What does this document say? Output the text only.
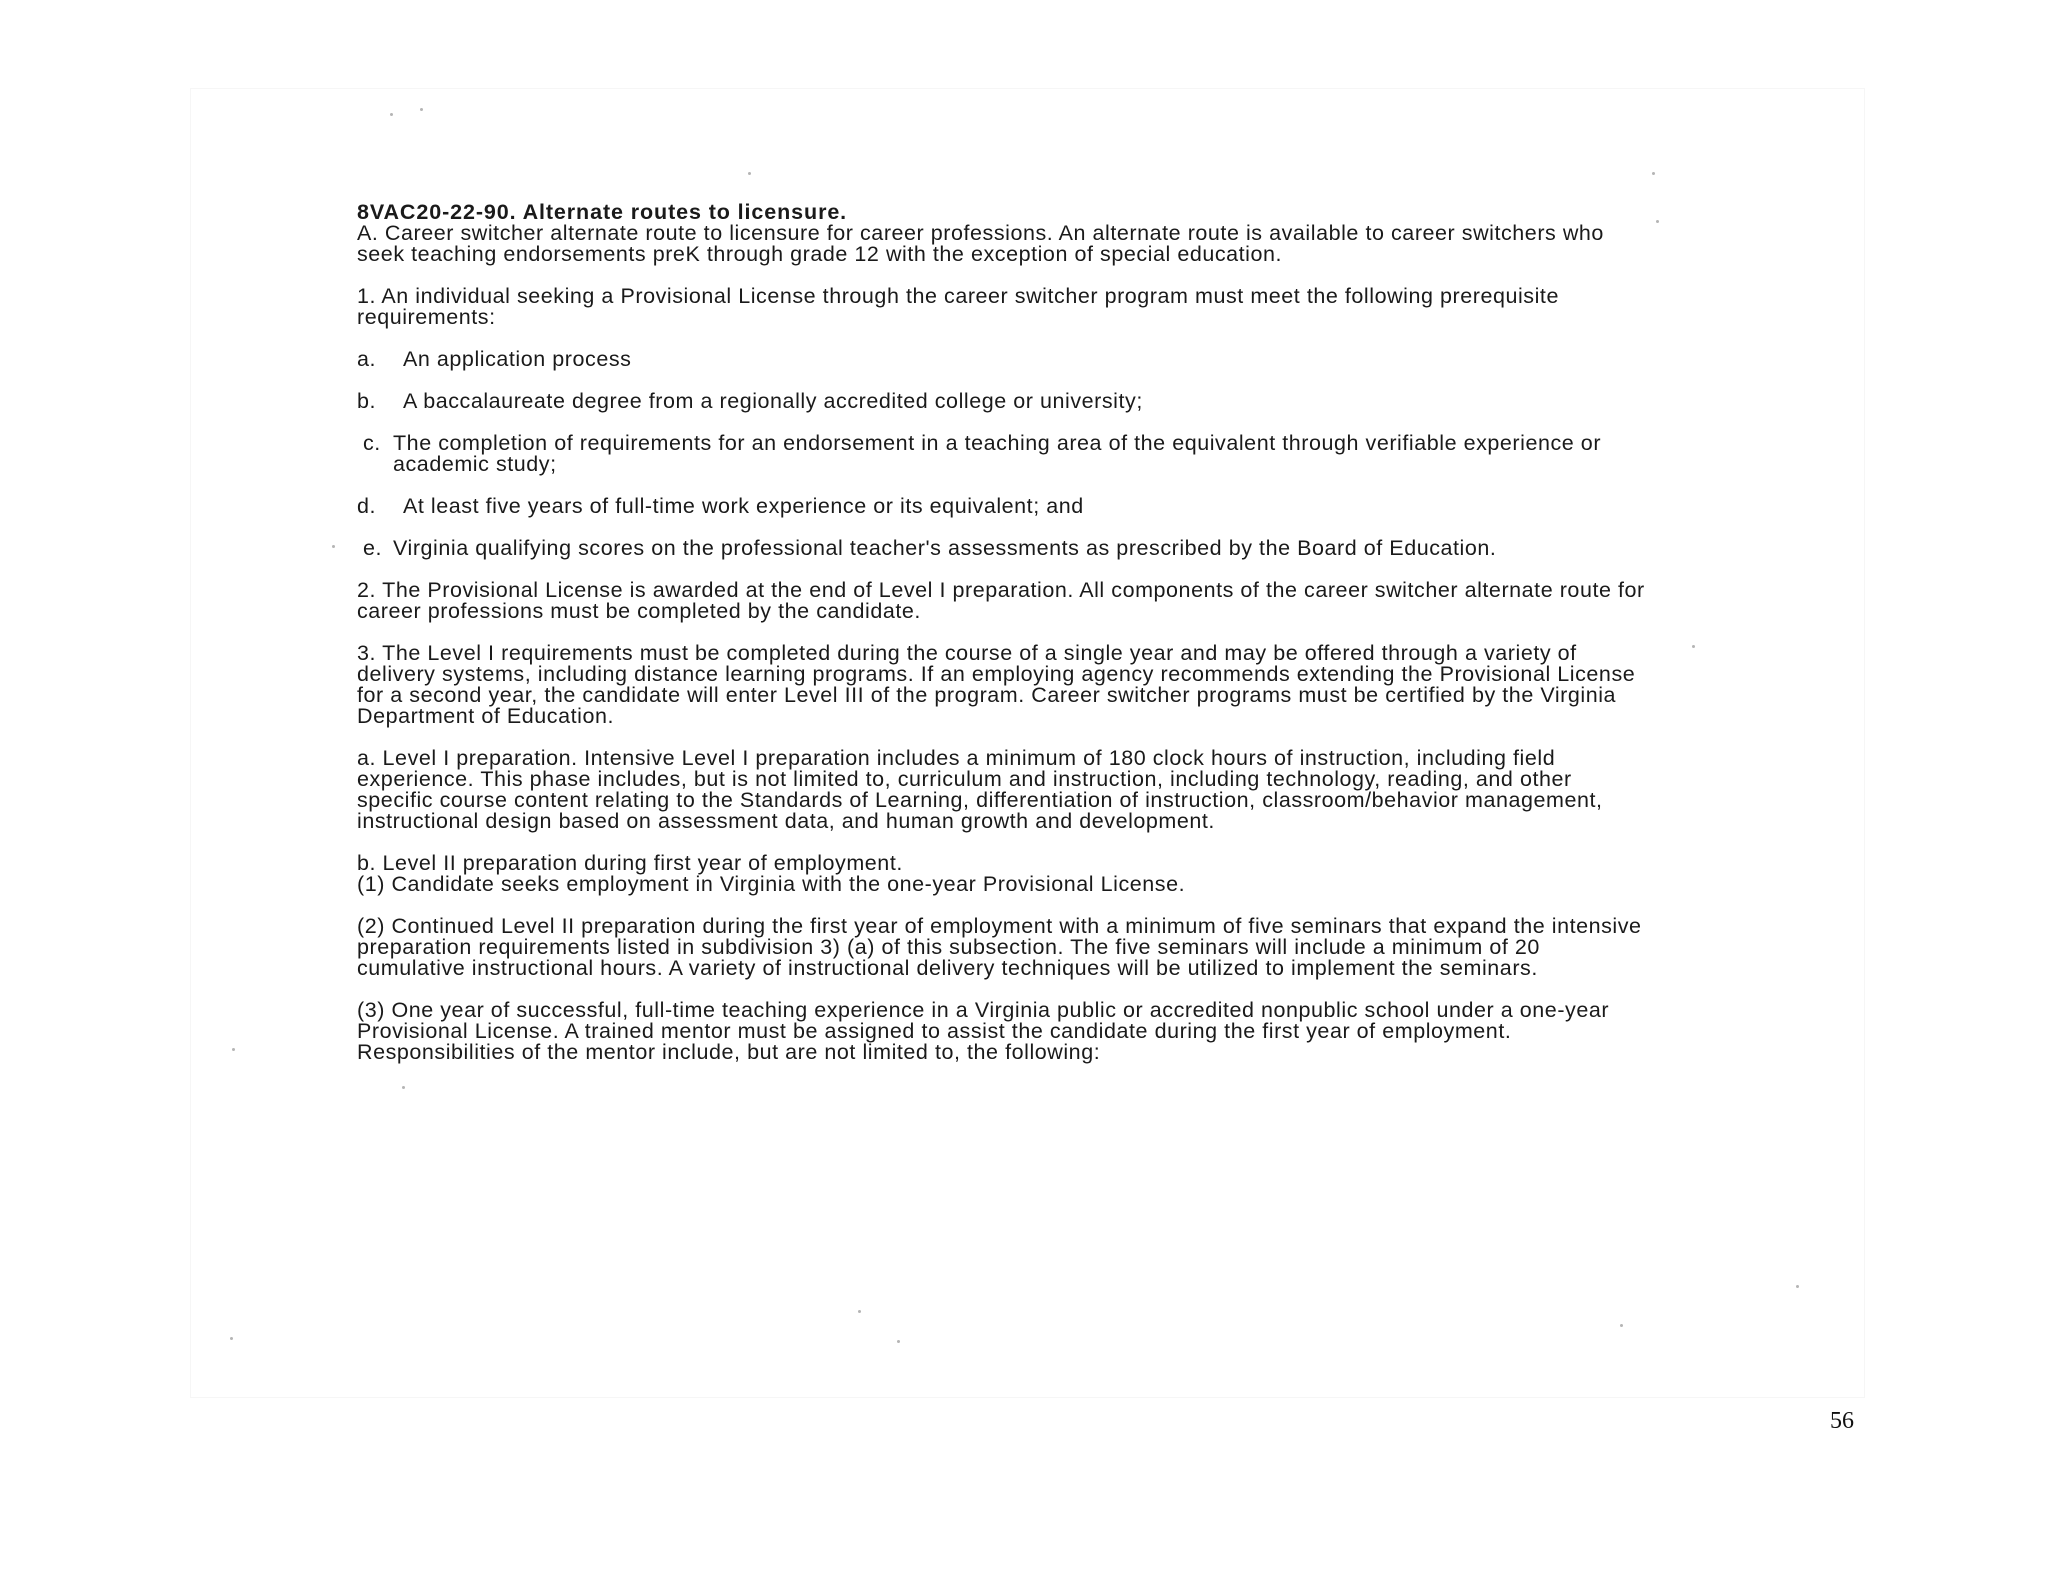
8VAC20-22-90. Alternate routes to licensure.

A. Career switcher alternate route to licensure for career professions. An alternate route is available to career switchers who seek teaching endorsements preK through grade 12 with the exception of special education.

1. An individual seeking a Provisional License through the career switcher program must meet the following prerequisite requirements:

a. An application process

b. A baccalaureate degree from a regionally accredited college or university;

c. The completion of requirements for an endorsement in a teaching area of the equivalent through verifiable experience or academic study;

d. At least five years of full-time work experience or its equivalent; and

e. Virginia qualifying scores on the professional teacher's assessments as prescribed by the Board of Education.

2. The Provisional License is awarded at the end of Level I preparation. All components of the career switcher alternate route for career professions must be completed by the candidate.

3. The Level I requirements must be completed during the course of a single year and may be offered through a variety of delivery systems, including distance learning programs. If an employing agency recommends extending the Provisional License for a second year, the candidate will enter Level III of the program. Career switcher programs must be certified by the Virginia Department of Education.

a. Level I preparation. Intensive Level I preparation includes a minimum of 180 clock hours of instruction, including field experience. This phase includes, but is not limited to, curriculum and instruction, including technology, reading, and other specific course content relating to the Standards of Learning, differentiation of instruction, classroom/behavior management, instructional design based on assessment data, and human growth and development.

b. Level II preparation during first year of employment.

(1) Candidate seeks employment in Virginia with the one-year Provisional License.

(2) Continued Level II preparation during the first year of employment with a minimum of five seminars that expand the intensive preparation requirements listed in subdivision 3) (a) of this subsection. The five seminars will include a minimum of 20 cumulative instructional hours. A variety of instructional delivery techniques will be utilized to implement the seminars.

(3) One year of successful, full-time teaching experience in a Virginia public or accredited nonpublic school under a one-year Provisional License. A trained mentor must be assigned to assist the candidate during the first year of employment. Responsibilities of the mentor include, but are not limited to, the following:

56
